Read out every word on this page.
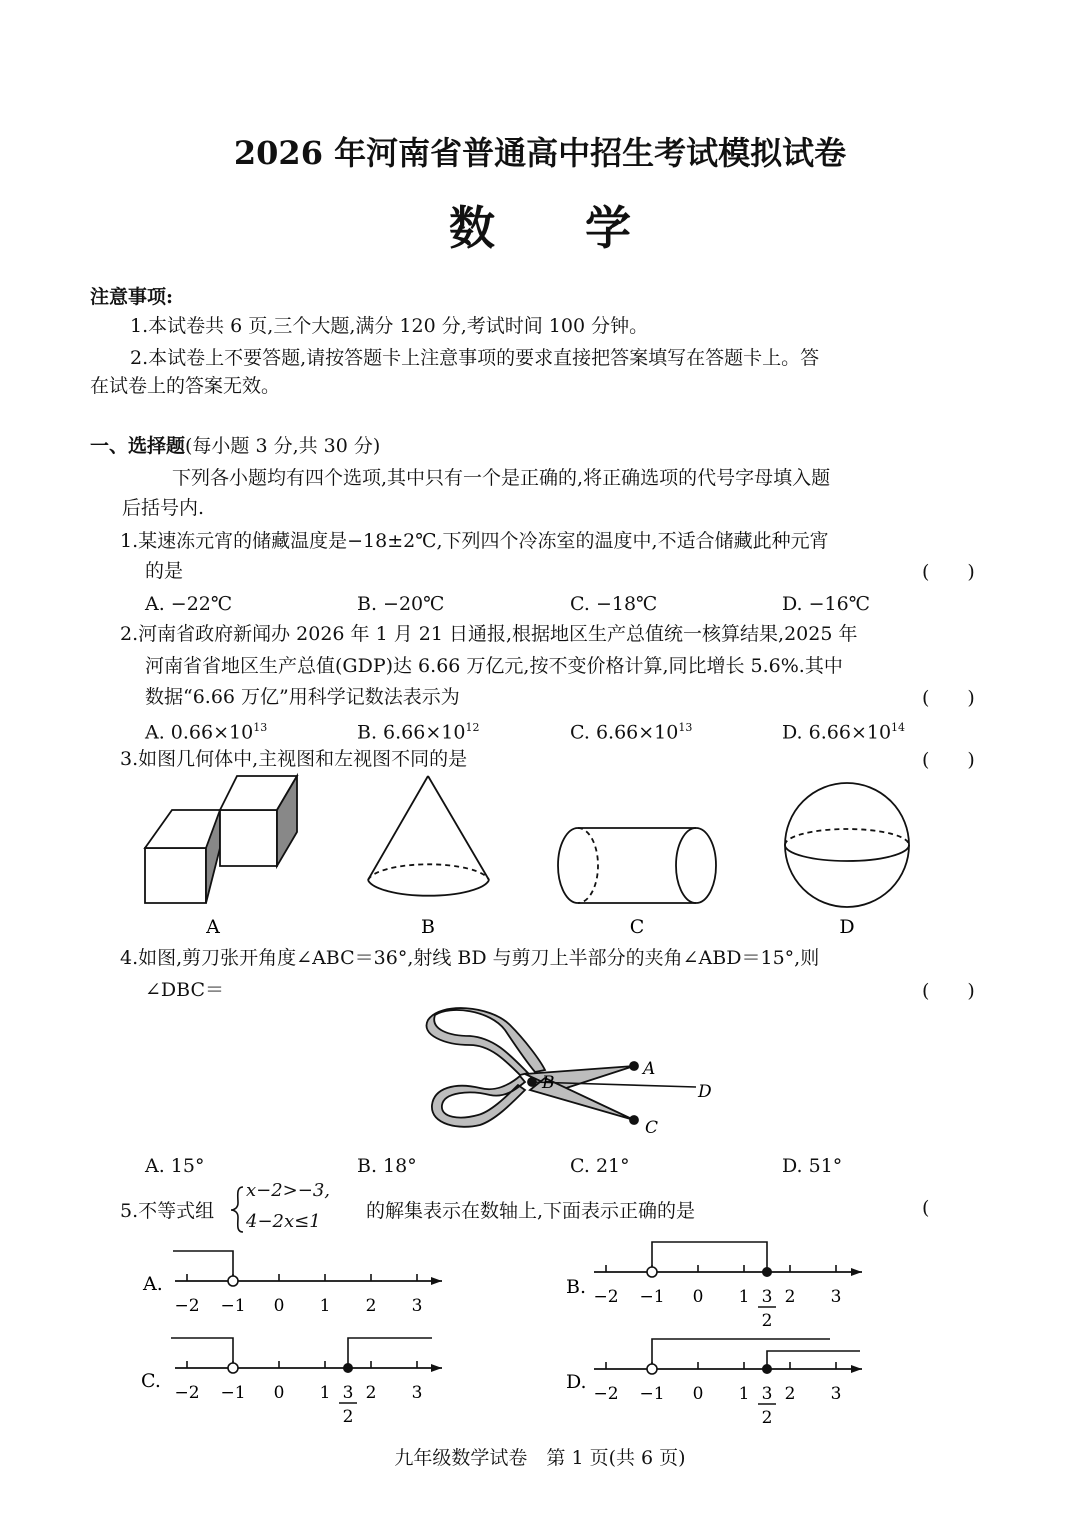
2026 年河南省普通高中招生考试模拟试卷
数学
注意事项:
1.本试卷共 6 页,三个大题,满分 120 分,考试时间 100 分钟。
2.本试卷上不要答题,请按答题卡上注意事项的要求直接把答案填写在答题卡上。答
在试卷上的答案无效。
一、选择题(每小题 3 分,共 30 分)
下列各小题均有四个选项,其中只有一个是正确的,将正确选项的代号字母填入题
后括号内.
1.某速冻元宵的储藏温度是−18±2℃,下列四个冷冻室的温度中,不适合储藏此种元宵
的是	(　　)
A. −22℃	B. −20℃	C. −18℃	D. −16℃
2.河南省政府新闻办 2026 年 1 月 21 日通报,根据地区生产总值统一核算结果,2025 年
河南省省地区生产总值(GDP)达 6.66 万亿元,按不变价格计算,同比增长 5.6%.其中
数据“6.66 万亿”用科学记数法表示为	(　　)
A. $0.66\times 10^{13}$	B. $6.66\times 10^{12}$	C. $6.66\times 10^{13}$	D. $6.66\times 10^{14}$
3.如图几何体中,主视图和左视图不同的是	(　　)
A	B	C	D
B
A
D
C
4.如图,剪刀张开角度∠ABC＝36°,射线 BD 与剪刀上半部分的夹角∠ABD＝15°,则
∠DBC＝	(　　)
A. 15°	B. 18°	C. 21°	D. 51°
5.不等式组
x−2>−3,
4−2x≤1 的解集表示在数轴上,下面表示正确的是	(
A.
−2 −1 0 1 2 3
B. −2 −1 0 1 2 3
3
2
C.
−2 −1 0 1 2 3
3
2
D.
−2 −1 0 1 2 3
3
2
九年级数学试卷　第 1 页(共 6 页)
